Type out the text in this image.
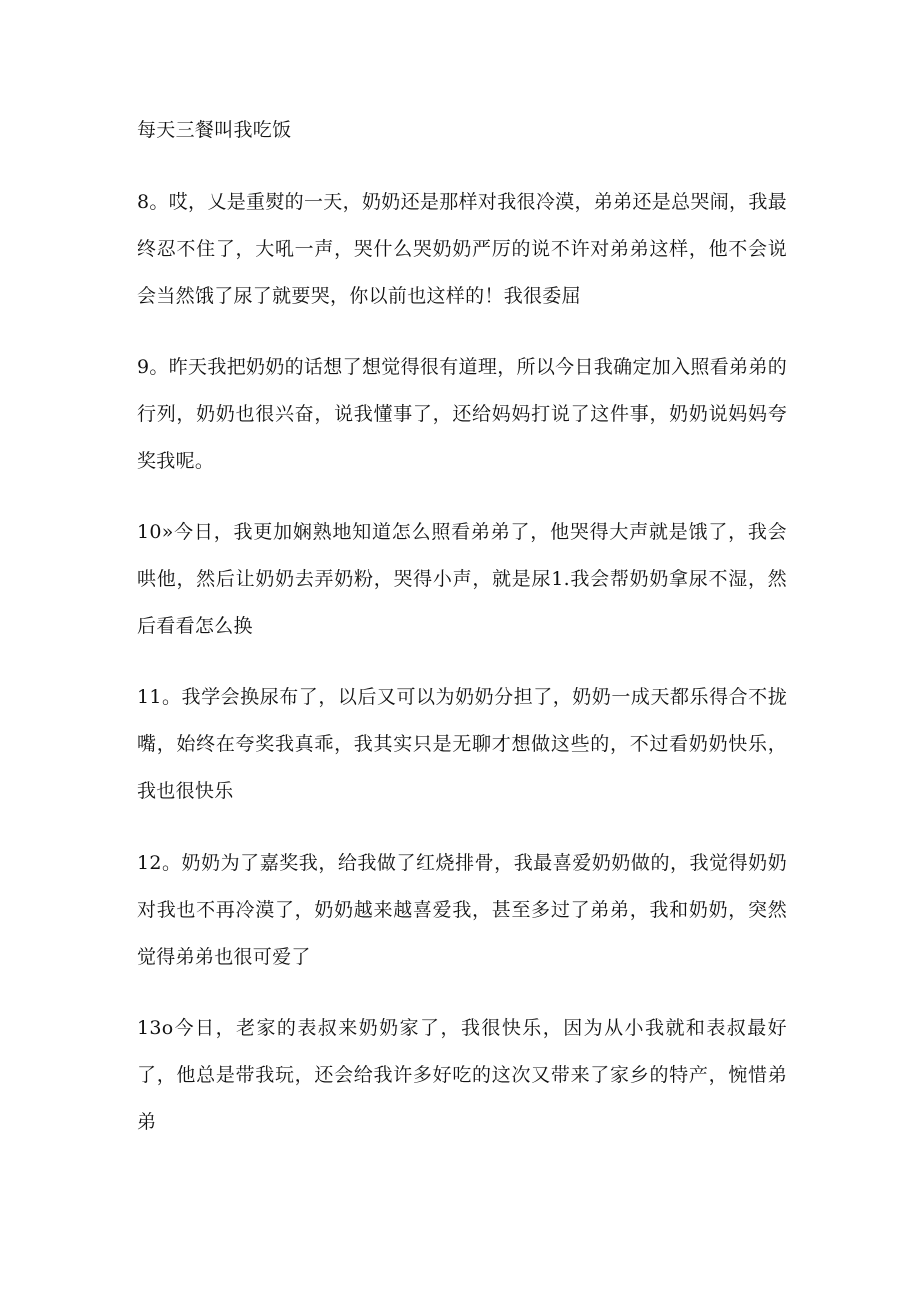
每天三餐叫我吃饭

8。哎，乂是重熨的一天，奶奶还是那样对我很冷漠，弟弟还是总哭闹，我最终忍不住了，大吼一声，哭什么哭奶奶严厉的说不许对弟弟这样，他不会说会当然饿了尿了就要哭，你以前也这样的！我很委屈

9。昨天我把奶奶的话想了想觉得很有道理，所以今日我确定加入照看弟弟的行列，奶奶也很兴奋，说我懂事了，还给妈妈打说了这件事，奶奶说妈妈夸奖我呢。

10»今日，我更加娴熟地知道怎么照看弟弟了，他哭得大声就是饿了，我会哄他，然后让奶奶去弄奶粉，哭得小声，就是尿1.我会帮奶奶拿尿不湿，然后看看怎么换

11。我学会换尿布了，以后又可以为奶奶分担了，奶奶一成天都乐得合不拢嘴，始终在夸奖我真乖，我其实只是无聊才想做这些的，不过看奶奶快乐，我也很快乐

12。奶奶为了嘉奖我，给我做了红烧排骨，我最喜爱奶奶做的，我觉得奶奶对我也不再冷漠了，奶奶越来越喜爱我，甚至多过了弟弟，我和奶奶，突然觉得弟弟也很可爱了

13o今日，老家的表叔来奶奶家了，我很快乐，因为从小我就和表叔最好了，他总是带我玩，还会给我许多好吃的这次又带来了家乡的特产，惋惜弟弟
